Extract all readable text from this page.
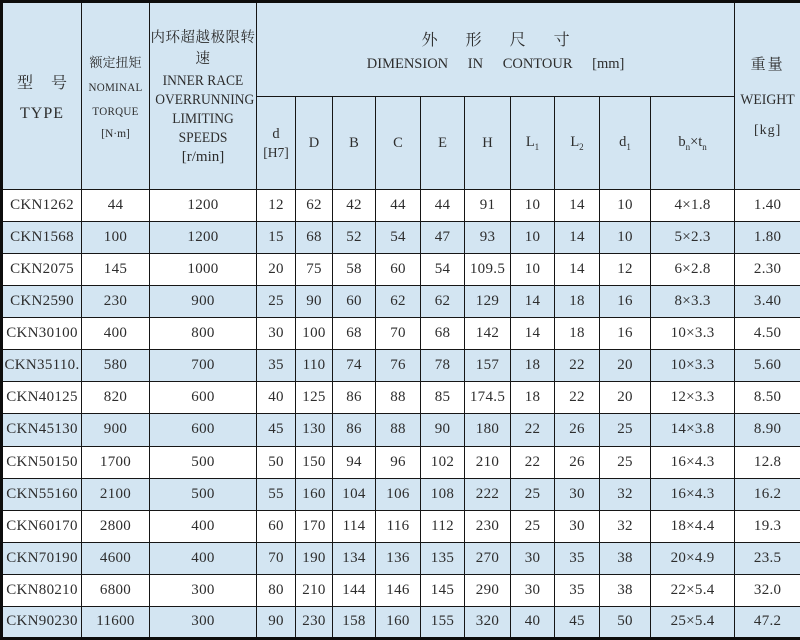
型 号
TYPE

额定扭矩
NOMINAL
TORQUE
[N·m]

内环超越极限转速
INNER RACE
OVERRUNNING
LIMITING SPEEDS
[r/min]

外 形 尺 寸
DIMENSION IN CONTOUR [mm]	重量
WEIGHT
[kg]

			d
[H7]	D	B	C	E	H	$L_1$	$L_2$	$d_1$	$b_n\times t_n$

CKN1262	44	1200	12	62	42	44	44	91	10	14	10	4×1.8	1.40
CKN1568	100	1200	15	68	52	54	47	93	10	14	10	5×2.3	1.80
CKN2075	145	1000	20	75	58	60	54	109.5	10	14	12	6×2.8	2.30
CKN2590	230	900	25	90	60	62	62	129	14	18	16	8×3.3	3.40
CKN30100	400	800	30	100	68	70	68	142	14	18	16	10×3.3	4.50
CKN35110.	580	700	35	110	74	76	78	157	18	22	20	10×3.3	5.60
CKN40125	820	600	40	125	86	88	85	174.5	18	22	20	12×3.3	8.50
CKN45130	900	600	45	130	86	88	90	180	22	26	25	14×3.8	8.90
CKN50150	1700	500	50	150	94	96	102	210	22	26	25	16×4.3	12.8
CKN55160	2100	500	55	160	104	106	108	222	25	30	32	16×4.3	16.2
CKN60170	2800	400	60	170	114	116	112	230	25	30	32	18×4.4	19.3
CKN70190	4600	400	70	190	134	136	135	270	30	35	38	20×4.9	23.5
CKN80210	6800	300	80	210	144	146	145	290	30	35	38	22×5.4	32.0
CKN90230	11600	300	90	230	158	160	155	320	40	45	50	25×5.4	47.2
